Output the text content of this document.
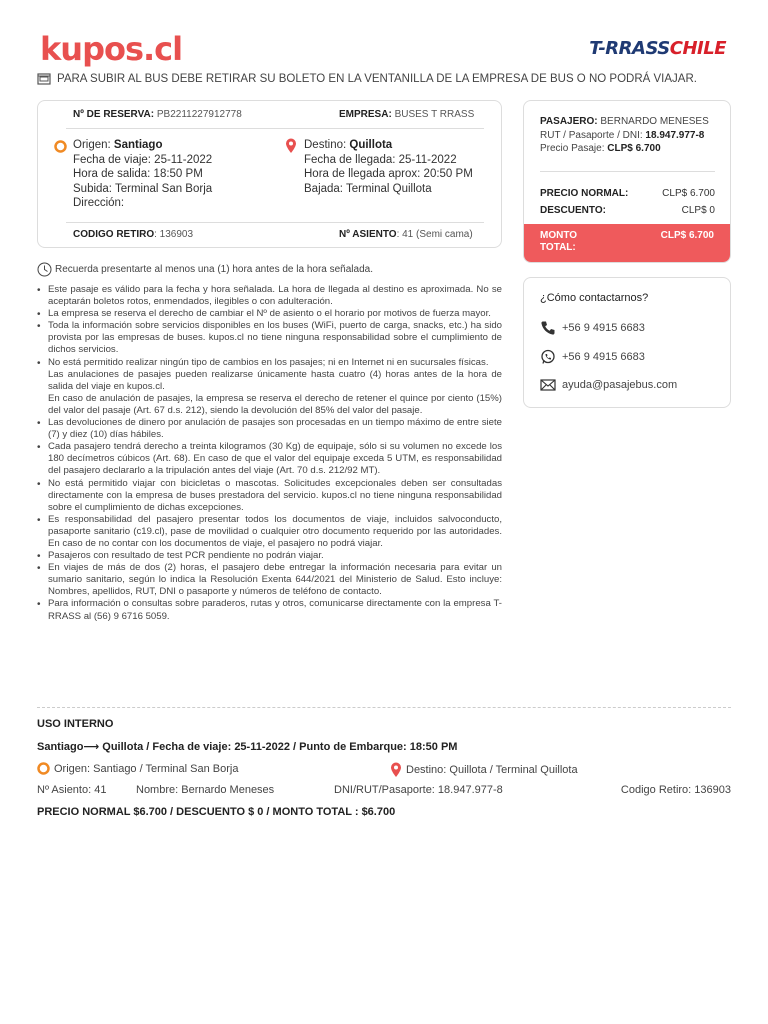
kupos.cl	T-RRASSCHILE
PARA SUBIR AL BUS DEBE RETIRAR SU BOLETO EN LA VENTANILLA DE LA EMPRESA DE BUS O NO PODRÁ VIAJAR.
Nº DE RESERVA: PB2211227912778	EMPRESA: BUSES T RRASS
Origen: Santiago
Fecha de viaje: 25-11-2022
Hora de salida: 18:50 PM
Subida: Terminal San Borja
Dirección:
Destino: Quillota
Fecha de llegada: 25-11-2022
Hora de llegada aprox: 20:50 PM
Bajada: Terminal Quillota
CODIGO RETIRO: 136903	Nº ASIENTO: 41 (Semi cama)
PASAJERO: BERNARDO MENESES
RUT / Pasaporte / DNI: 18.947.977-8
Precio Pasaje: CLP$ 6.700
PRECIO NORMAL:	CLP$ 6.700
DESCUENTO:	CLP$ 0
MONTO TOTAL:
CLP$ 6.700
¿Cómo contactarnos?
+56 9 4915 6683
+56 9 4915 6683
ayuda@pasajebus.com
Recuerda presentarte al menos una (1) hora antes de la hora señalada.
• Este pasaje es válido para la fecha y hora señalada. La hora de llegada al destino es aproximada. No se aceptarán boletos rotos, enmendados, ilegibles o con adulteración.
• La empresa se reserva el derecho de cambiar el Nº de asiento o el horario por motivos de fuerza mayor.
• Toda la información sobre servicios disponibles en los buses (WiFi, puerto de carga, snacks, etc.) ha sido provista por las empresas de buses. kupos.cl no tiene ninguna responsabilidad sobre el cumplimiento de dichos servicios.
• No está permitido realizar ningún tipo de cambios en los pasajes; ni en Internet ni en sucursales físicas.
Las anulaciones de pasajes pueden realizarse únicamente hasta cuatro (4) horas antes de la hora de salida del viaje en kupos.cl.
En caso de anulación de pasajes, la empresa se reserva el derecho de retener el quince por ciento (15%) del valor del pasaje (Art. 67 d.s. 212), siendo la devolución del 85% del valor del pasaje.
• Las devoluciones de dinero por anulación de pasajes son procesadas en un tiempo máximo de entre siete (7) y diez (10) días hábiles.
• Cada pasajero tendrá derecho a treinta kilogramos (30 Kg) de equipaje, sólo si su volumen no excede los 180 decímetros cúbicos (Art. 68). En caso de que el valor del equipaje exceda 5 UTM, es responsabilidad del pasajero declararlo a la tripulación antes del viaje (Art. 70 d.s. 212/92 MT).
• No está permitido viajar con bicicletas o mascotas. Solicitudes excepcionales deben ser consultadas directamente con la empresa de buses prestadora del servicio. kupos.cl no tiene ninguna responsabilidad sobre el cumplimiento de dichas excepciones.
• Es responsabilidad del pasajero presentar todos los documentos de viaje, incluidos salvoconducto, pasaporte sanitario (c19.cl), pase de movilidad o cualquier otro documento requerido por las autoridades. En caso de no contar con los documentos de viaje, el pasajero no podrá viajar.
• Pasajeros con resultado de test PCR pendiente no podrán viajar.
• En viajes de más de dos (2) horas, el pasajero debe entregar la información necesaria para evitar un sumario sanitario, según lo indica la Resolución Exenta 644/2021 del Ministerio de Salud. Esto incluye: Nombres, apellidos, RUT, DNI o pasaporte y números de teléfono de contacto.
• Para información o consultas sobre paraderos, rutas y otros, comunicarse directamente con la empresa T-RRASS al (56) 9 6716 5059.
USO INTERNO
Santiago⟶ Quillota / Fecha de viaje: 25-11-2022 / Punto de Embarque: 18:50 PM
Origen: Santiago / Terminal San Borja	Destino: Quillota / Terminal Quillota
Nº Asiento: 41	Nombre: Bernardo Meneses	DNI/RUT/Pasaporte: 18.947.977-8	Codigo Retiro: 136903
PRECIO NORMAL $6.700 / DESCUENTO $ 0 / MONTO TOTAL : $6.700
